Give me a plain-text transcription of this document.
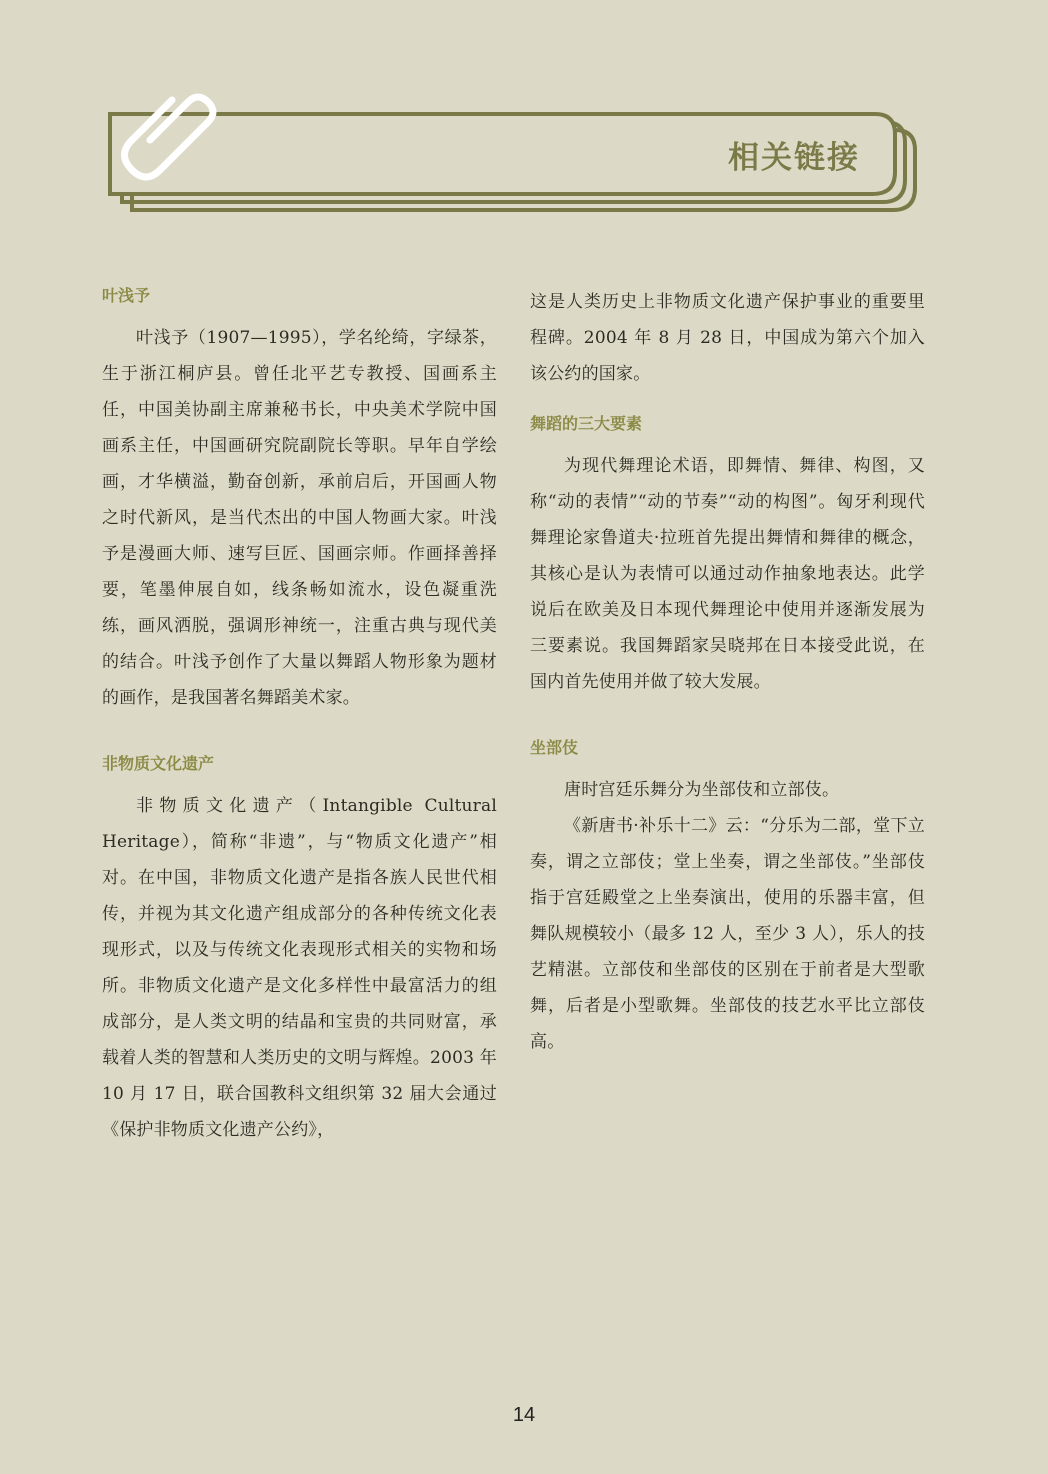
相关链接
叶浅予

叶浅予（1907—1995），学名纶绮，字绿茶，生于浙江桐庐县。曾任北平艺专教授、国画系主任，中国美协副主席兼秘书长，中央美术学院中国画系主任，中国画研究院副院长等职。早年自学绘画，才华横溢，勤奋创新，承前启后，开国画人物之时代新风，是当代杰出的中国人物画大家。叶浅予是漫画大师、速写巨匠、国画宗师。作画择善择要，笔墨伸展自如，线条畅如流水，设色凝重洗练，画风洒脱，强调形神统一，注重古典与现代美的结合。叶浅予创作了大量以舞蹈人物形象为题材的画作，是我国著名舞蹈美术家。

非物质文化遗产

非物质文化遗产（Intangible Cultural Heritage），简称“非遗”，与“物质文化遗产”相对。在中国，非物质文化遗产是指各族人民世代相传，并视为其文化遗产组成部分的各种传统文化表现形式，以及与传统文化表现形式相关的实物和场所。非物质文化遗产是文化多样性中最富活力的组成部分，是人类文明的结晶和宝贵的共同财富，承载着人类的智慧和人类历史的文明与辉煌。2003 年 10 月 17 日，联合国教科文组织第 32 届大会通过《保护非物质文化遗产公约》，

这是人类历史上非物质文化遗产保护事业的重要里程碑。2004 年 8 月 28 日，中国成为第六个加入该公约的国家。

舞蹈的三大要素

为现代舞理论术语，即舞情、舞律、构图，又称“动的表情”“动的节奏”“动的构图”。匈牙利现代舞理论家鲁道夫·拉班首先提出舞情和舞律的概念，其核心是认为表情可以通过动作抽象地表达。此学说后在欧美及日本现代舞理论中使用并逐渐发展为三要素说。我国舞蹈家吴晓邦在日本接受此说，在国内首先使用并做了较大发展。

坐部伎

唐时宫廷乐舞分为坐部伎和立部伎。

《新唐书·补乐十二》云：“分乐为二部，堂下立奏，谓之立部伎；堂上坐奏，谓之坐部伎。”坐部伎指于宫廷殿堂之上坐奏演出，使用的乐器丰富，但舞队规模较小（最多 12 人，至少 3 人），乐人的技艺精湛。立部伎和坐部伎的区别在于前者是大型歌舞，后者是小型歌舞。坐部伎的技艺水平比立部伎高。

14
